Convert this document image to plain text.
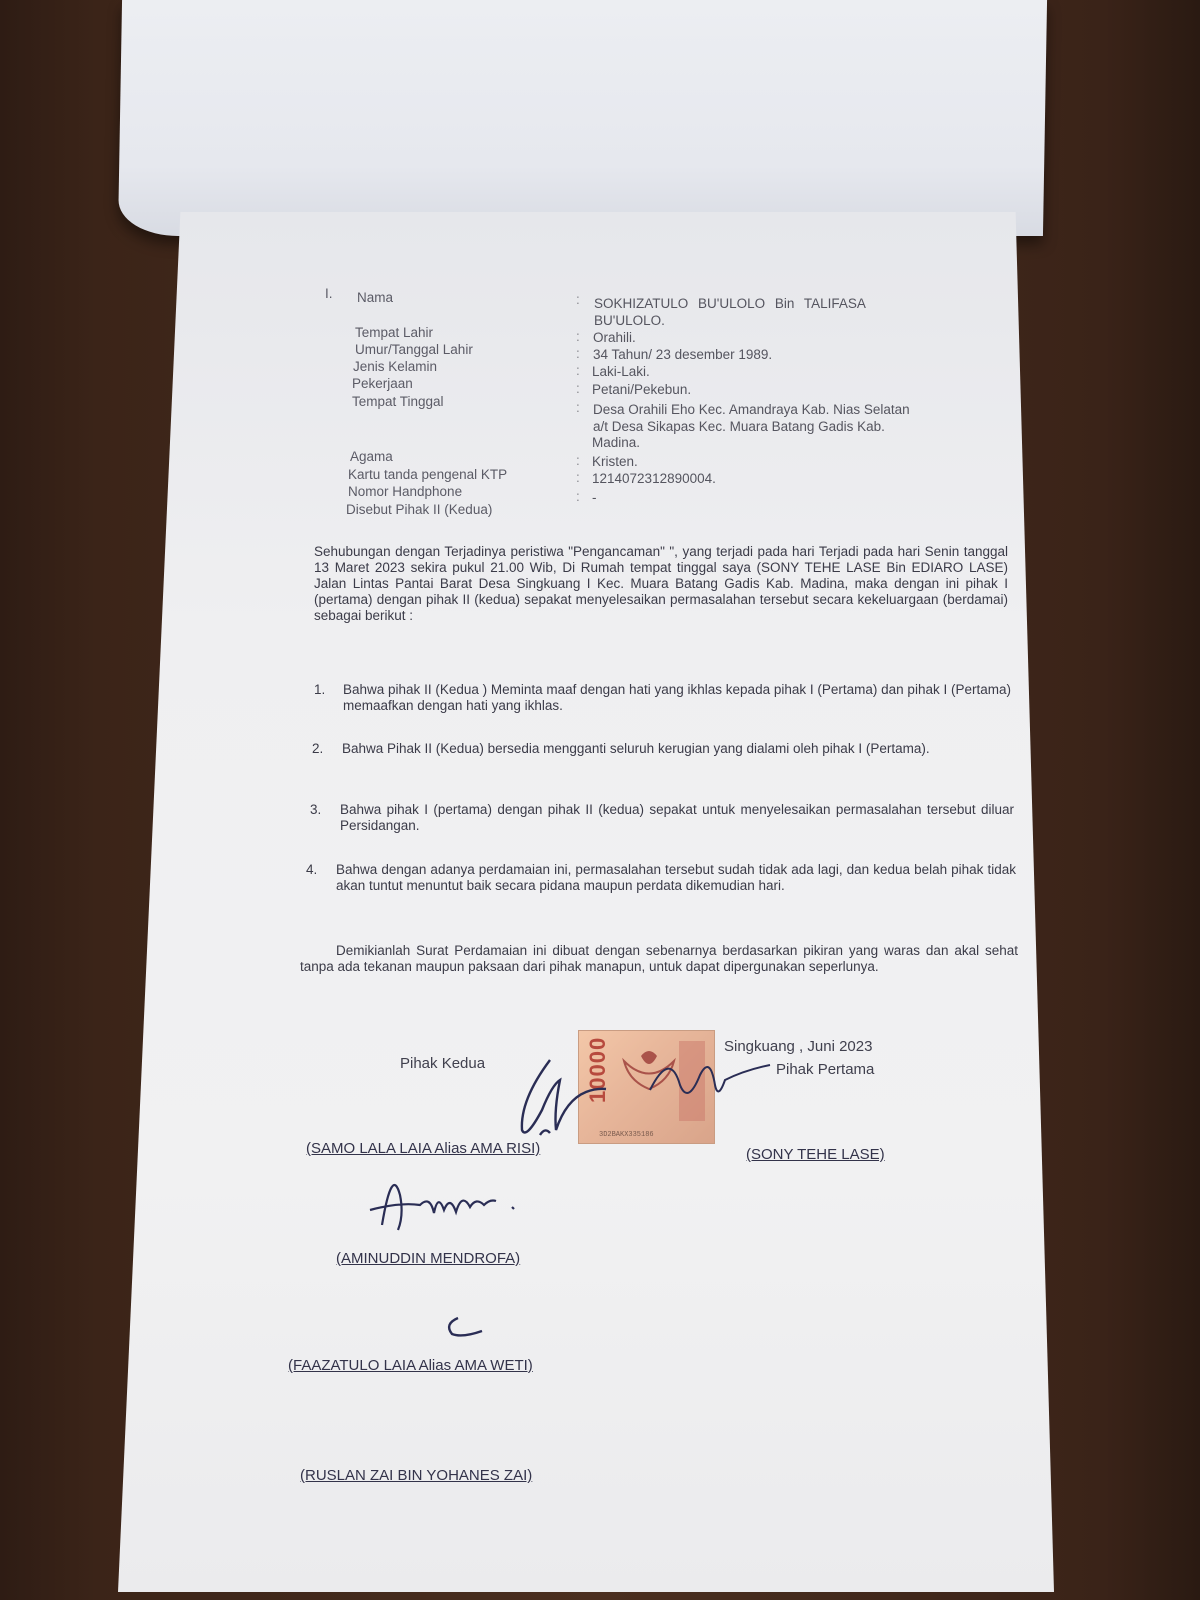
I. Nama	: SOKHIZATULO BU'ULOLO Bin TALIFASA
BU'ULOLO.
Tempat Lahir	: Orahili.
Umur/Tanggal Lahir	: 34 Tahun/ 23 desember 1989.
Jenis Kelamin	: Laki-Laki.
Pekerjaan	: Petani/Pekebun.
Tempat Tinggal	: Desa Orahili Eho Kec. Amandraya Kab. Nias Selatan
a/t Desa Sikapas Kec. Muara Batang Gadis Kab.
Madina.
Agama	: Kristen.
Kartu tanda pengenal KTP	: 1214072312890004.
Nomor Handphone	: -
Disebut Pihak II (Kedua)
Sehubungan dengan Terjadinya peristiwa "Pengancaman" ", yang terjadi pada hari Terjadi pada hari Senin tanggal 13 Maret 2023 sekira pukul 21.00 Wib, Di Rumah tempat tinggal saya (SONY TEHE LASE Bin EDIARO LASE) Jalan Lintas Pantai Barat Desa Singkuang I Kec. Muara Batang Gadis Kab. Madina, maka dengan ini pihak I (pertama) dengan pihak II (kedua) sepakat menyelesaikan permasalahan tersebut secara kekeluargaan (berdamai) sebagai berikut :
1. Bahwa pihak II (Kedua ) Meminta maaf dengan hati yang ikhlas kepada pihak I (Pertama) dan pihak I (Pertama) memaafkan dengan hati yang ikhlas.
2. Bahwa Pihak II (Kedua) bersedia mengganti seluruh kerugian yang dialami oleh pihak I (Pertama).
3. Bahwa pihak I (pertama) dengan pihak II (kedua) sepakat untuk menyelesaikan permasalahan tersebut diluar Persidangan.
4. Bahwa dengan adanya perdamaian ini, permasalahan tersebut sudah tidak ada lagi, dan kedua belah pihak tidak akan tuntut menuntut baik secara pidana maupun perdata dikemudian hari.
Demikianlah Surat Perdamaian ini dibuat dengan sebenarnya berdasarkan pikiran yang waras dan akal sehat tanpa ada tekanan maupun paksaan dari pihak manapun, untuk dapat dipergunakan seperlunya.
Singkuang , Juni 2023
Pihak Kedua	Pihak Pertama
10000
3D2BAKX335186
(SAMO LALA LAIA Alias AMA RISI)	(SONY TEHE LASE)
(AMINUDDIN MENDROFA)
(FAAZATULO LAIA Alias AMA WETI)
(RUSLAN ZAI BIN YOHANES ZAI)
